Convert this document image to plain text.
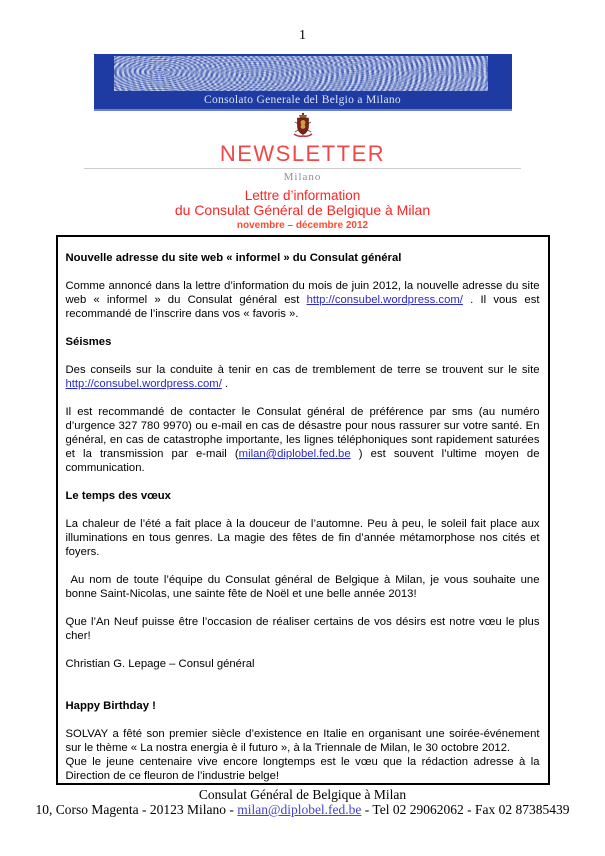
1
Consolato Generale del Belgio a Milano
NEWSLETTER
Milano
Lettre d’information
du Consulat Général de Belgique à Milan
novembre – décembre 2012

Nouvelle adresse du site web « informel » du Consulat général

Comme annoncé dans la lettre d’information du mois de juin 2012, la nouvelle adresse du site web « informel » du Consulat général est http://consubel.wordpress.com/ . Il vous est recommandé de l’inscrire dans vos « favoris ».

Séismes

Des conseils sur la conduite à tenir en cas de tremblement de terre se trouvent sur le site http://consubel.wordpress.com/ .

Il est recommandé de contacter le Consulat général de préférence par sms (au numéro d’urgence 327 780 9970) ou e-mail en cas de désastre pour nous rassurer sur votre santé. En général, en cas de catastrophe importante, les lignes téléphoniques sont rapidement saturées et la transmission par e-mail (milan@diplobel.fed.be ) est souvent l’ultime moyen de communication.

Le temps des vœux

La chaleur de l’été a fait place à la douceur de l’automne. Peu à peu, le soleil fait place aux illuminations en tous genres. La magie des fêtes de fin d’année métamorphose nos cités et foyers.

Au nom de toute l’équipe du Consulat général de Belgique à Milan, je vous souhaite une bonne Saint-Nicolas, une sainte fête de Noël et une belle année 2013!

Que l’An Neuf puisse être l’occasion de réaliser certains de vos désirs est notre vœu le plus cher!

Christian G. Lepage – Consul général

Happy Birthday !

SOLVAY a fêté son premier siècle d’existence en Italie en organisant une soirée-événement sur le thème « La nostra energia è il futuro », à la Triennale de Milan, le 30 octobre 2012.

Que le jeune centenaire vive encore longtemps est le vœu que la rédaction adresse à la Direction de ce fleuron de l’industrie belge!

Consulat Général de Belgique à Milan
10, Corso Magenta - 20123 Milano - milan@diplobel.fed.be - Tel 02 29062062 - Fax 02 87385439
